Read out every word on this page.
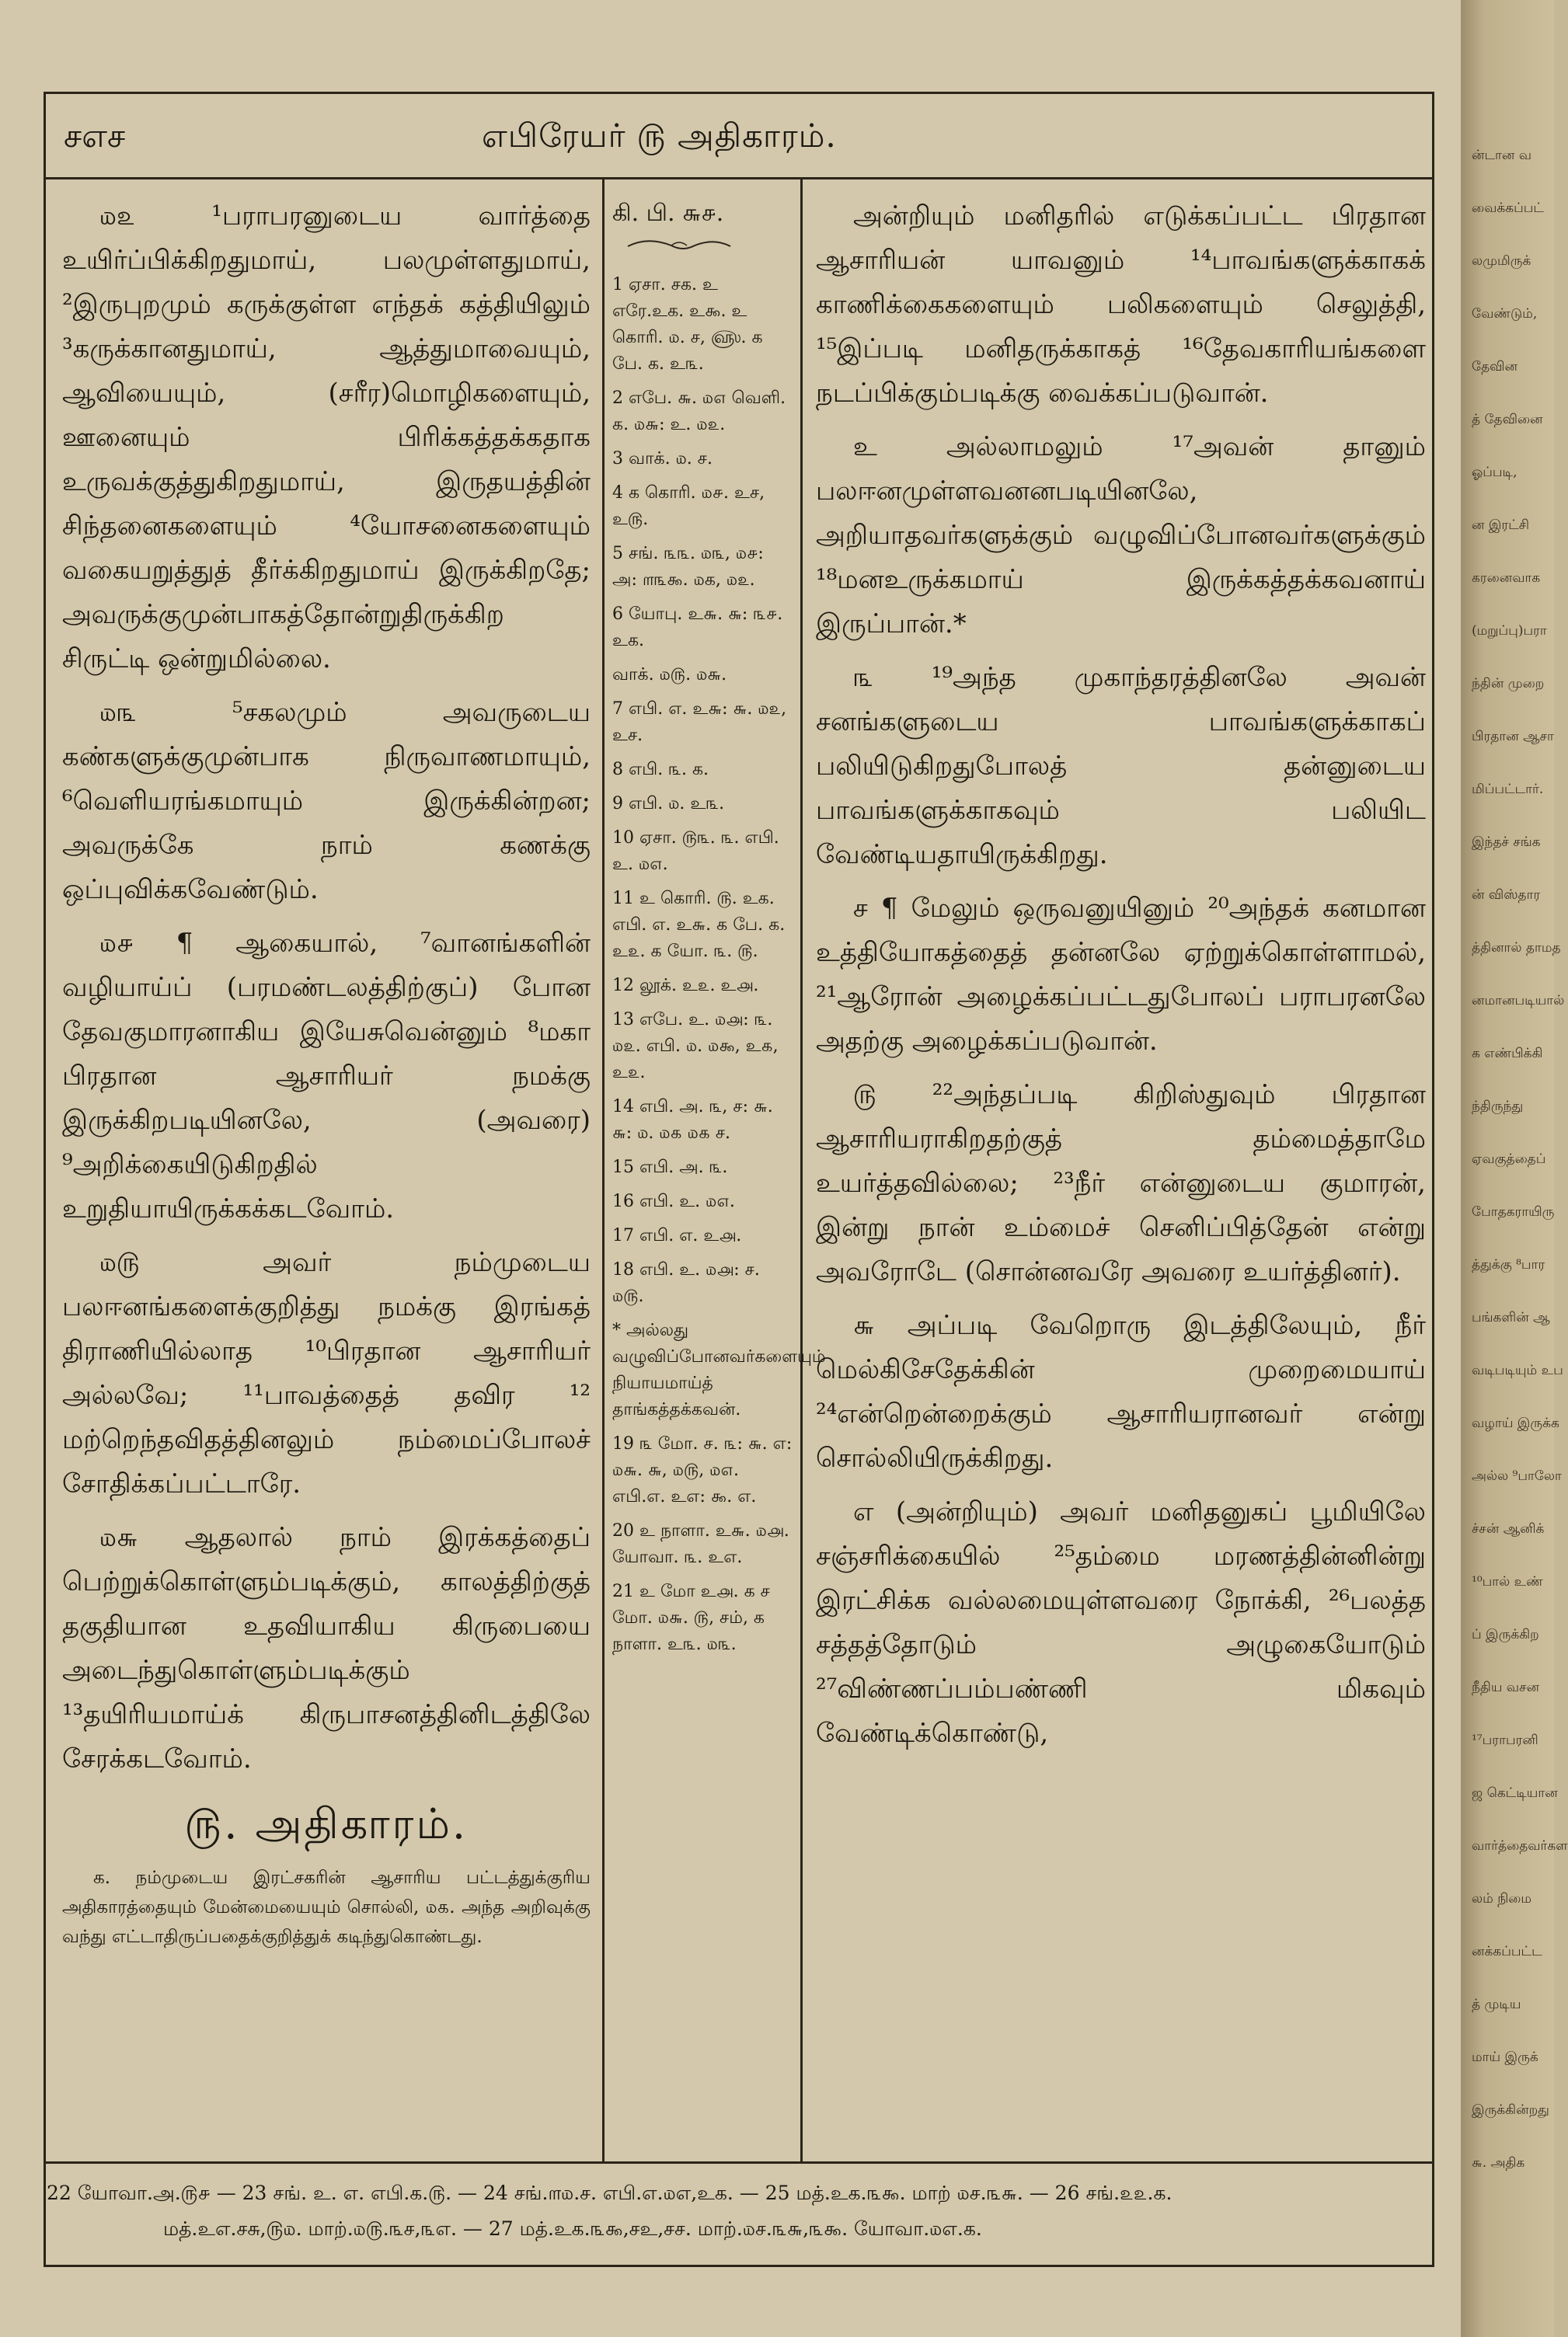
ன்டான வ
வைக்கப்பட்
லமுமிருக்
வேண்டும்,
தேவின
த் தேவினை
ஓப்படி,
ன இரட்சி
கரனைவாக
(மறுப்பு)பரா
ந்தின் முறை
பிரதான ஆசா
மிப்பட்டார்.
இந்தச் சங்க
ன் விஸ்தார
த்தினால் தாமத
னமானபடியால்
க எண்பிக்கி
ந்திருந்து
ஏவகுத்தைப்
போதகராயிரு
த்துக்கு ⁸பார
பங்களின் ஆ
வடிபடியும் உப
வழாய் இருக்க
அல்ல ⁹பாலோ
ச்சன் ஆனிக்
¹⁰பால் உண்
ப் இருக்கிற
நீதிய வசன
¹⁷பராபரனி
ஜ கெட்டியான
வார்த்தைவர்கள
லம் நிமை
னக்கப்பட்ட
த் முடிய
மாய் இருக்
இருக்கின்றது
௬. அதிக
சஎச	எபிரேயர் ௫ அதிகாரம்.

௰௨ ¹பராபரனுடைய வார்த்தை உயிர்ப்பிக்கிறதுமாய், பலமுள்ளதுமாய், ²இருபுறமும் கருக்குள்ள எந்தக் கத்தியிலும் ³கருக்கானதுமாய், ஆத்துமாவையும், ஆவியையும், (சரீர)மொழிகளையும், ஊனையும் பிரிக்கத்தக்கதாக உருவக்குத்துகிறதுமாய், இருதயத்தின் சிந்தனைகளையும் ⁴யோசனைகளையும் வகையறுத்துத் தீர்க்கிறதுமாய் இருக்கிறதே; அவருக்குமுன்பாகத்தோன்றுதிருக்கிற சிருட்டி ஒன்றுமில்லை.

௰௩ ⁵சகலமும் அவருடைய கண்களுக்குமுன்பாக நிருவாணமாயும், ⁶வெளியரங்கமாயும் இருக்கின்றன; அவருக்கே நாம் கணக்கு ஒப்புவிக்கவேண்டும்.

௰௪ ¶ ஆகையால், ⁷வானங்களின் வழியாய்ப் (பரமண்டலத்திற்குப்) போன தேவகுமாரனாகிய இயேசுவென்னும் ⁸மகா பிரதான ஆசாரியர் நமக்கு இருக்கிறபடியினலே, (அவரை) ⁹அறிக்கையிடுகிறதில் உறுதியாயிருக்கக்கடவோம்.

௰௫ அவர் நம்முடைய பலஈனங்களைக்குறித்து நமக்கு இரங்கத் திராணியில்லாத ¹⁰பிரதான ஆசாரியர் அல்லவே; ¹¹பாவத்தைத் தவிர ¹² மற்றெந்தவிதத்தினலும் நம்மைப்போலச் சோதிக்கப்பட்டாரே.

௰௬ ஆதலால் நாம் இரக்கத்தைப் பெற்றுக்கொள்ளும்படிக்கும், காலத்திற்குத் தகுதியான உதவியாகிய கிருபையை அடைந்துகொள்ளும்படிக்கும் ¹³தயிரியமாய்க் கிருபாசனத்தினிடத்திலே சேரக்கடவோம்.

௫. அதிகாரம்.

க. நம்முடைய இரட்சகரின் ஆசாரிய பட்டத்துக்குரிய அதிகாரத்தையும் மேன்மையையும் சொல்லி, ௰௧. அந்த அறிவுக்கு வந்து எட்டாதிருப்பதைக்குறித்துக் கடிந்துகொண்டது.

கி. பி. ௬௪.
1 ஏசா. சக. உ எரே.உக. உ௯. உ கொரி. ௰. ச, ௵. க பே. க. உ௩.
2 எபே. ௬. ௰௭ வெளி. க. ௰௬: உ. ௰௨.
3 வாக். ௰. ச.
4 க கொரி. ௰௪. உச, உ௫.
5 சங். ௩௩. ௰௩, ௰௪: அ: ௱௩௯. ௰க, ௰௨.
6 யோபு. உ௬. ௬: ௩௪. உக.
வாக். ௰௫. ௰௬.
7 எபி. எ. உ௬: ௬. ௰௨, உச.
8 எபி. ௩. க.
9 எபி. ௰. உ௩.
10 ஏசா. ௫௩. ௩. எபி. உ. ௰௭.
11 உ கொரி. ௫. உக. எபி. எ. உ௬. க பே. க. உ௨. க யோ. ௩. ௫.
12 லூக். உ௨. உ௮.
13 எபே. உ. ௰௮: ௩. ௰௨. எபி. ௰. ௰௯, உ௧, உ௨.
14 எபி. அ. ௩, ச: ௬. ௬: ௰. ௰௧ ௰௧ ச.
15 எபி. அ. ௩.
16 எபி. உ. ௰௭.
17 எபி. எ. உ௮.
18 எபி. உ. ௰௮: ச. ௰௫.
* அல்லது வழுவிப்போனவர்களையும் நியாயமாய்த் தாங்கத்தக்கவன்.
19 ௩ மோ. ச. ௩: ௬. எ: ௰௬. ௬, ௰௫, ௰௭. எபி.எ. உஎ: ௯. எ.
20 உ நாளா. உ௬. ௰௮. யோவா. ௩. உஎ.
21 உ மோ உ௮. க ச மோ. ௰௬. ௫, சம், க நாளா. உ௩. ௰௩.

அன்றியும் மனிதரில் எடுக்கப்பட்ட பிரதான ஆசாரியன் யாவனும் ¹⁴பாவங்களுக்காகக் காணிக்கைகளையும் பலிகளையும் செலுத்தி, ¹⁵இப்படி மனிதருக்காகத் ¹⁶தேவகாரியங்களை நடப்பிக்கும்படிக்கு வைக்கப்படுவான்.

உ அல்லாமலும் ¹⁷அவன் தானும் பலஈனமுள்ளவனனபடியினலே, அறியாதவர்களுக்கும் வழுவிப்போனவர்களுக்கும் ¹⁸மனஉருக்கமாய் இருக்கத்தக்கவனாய் இருப்பான்.*

௩ ¹⁹அந்த முகாந்தரத்தினலே அவன் சனங்களுடைய பாவங்களுக்காகப் பலியிடுகிறதுபோலத் தன்னுடைய பாவங்களுக்காகவும் பலியிட வேண்டியதாயிருக்கிறது.

ச ¶ மேலும் ஒருவனுயினும் ²⁰அந்தக் கனமான உத்தியோகத்தைத் தன்னலே ஏற்றுக்கொள்ளாமல், ²¹ஆரோன் அழைக்கப்பட்டதுபோலப் பராபரனலே அதற்கு அழைக்கப்படுவான்.

௫ ²²அந்தப்படி கிறிஸ்துவும் பிரதான ஆசாரியராகிறதற்குத் தம்மைத்தாமே உயர்த்தவில்லை; ²³நீர் என்னுடைய குமாரன், இன்று நான் உம்மைச் செனிப்பித்தேன் என்று அவரோடே (சொன்னவரே அவரை உயர்த்தினர்).

௬ அப்படி வேறொரு இடத்திலேயும், நீர் மெல்கிசேதேக்கின் முறைமையாய் ²⁴என்றென்றைக்கும் ஆசாரியரானவர் என்று சொல்லியிருக்கிறது.

எ (அன்றியும்) அவர் மனிதனுகப் பூமியிலே சஞ்சரிக்கையில் ²⁵தம்மை மரணத்தின்னின்று இரட்சிக்க வல்லமையுள்ளவரை நோக்கி, ²⁶பலத்த சத்தத்தோடும் அழுகையோடும் ²⁷விண்ணப்பம்பண்ணி மிகவும் வேண்டிக்கொண்டு,

22 யோவா.அ.௫௪ — 23 சங். உ. எ. எபி.க.௫. — 24 சங்.௱௰.ச. எபி.எ.௰எ,உக. — 25 மத்.உக.௩௯. மாற் ௰ச.௩௬. — 26 சங்.௨௨.க.
மத்.உஎ.சசு,௫௰. மாற்.௰௫.௩ச,௩எ. — 27 மத்.உக.௩௯,சஉ,சச. மாற்.௰ச.௩௬,௩௯. யோவா.௰எ.க.
